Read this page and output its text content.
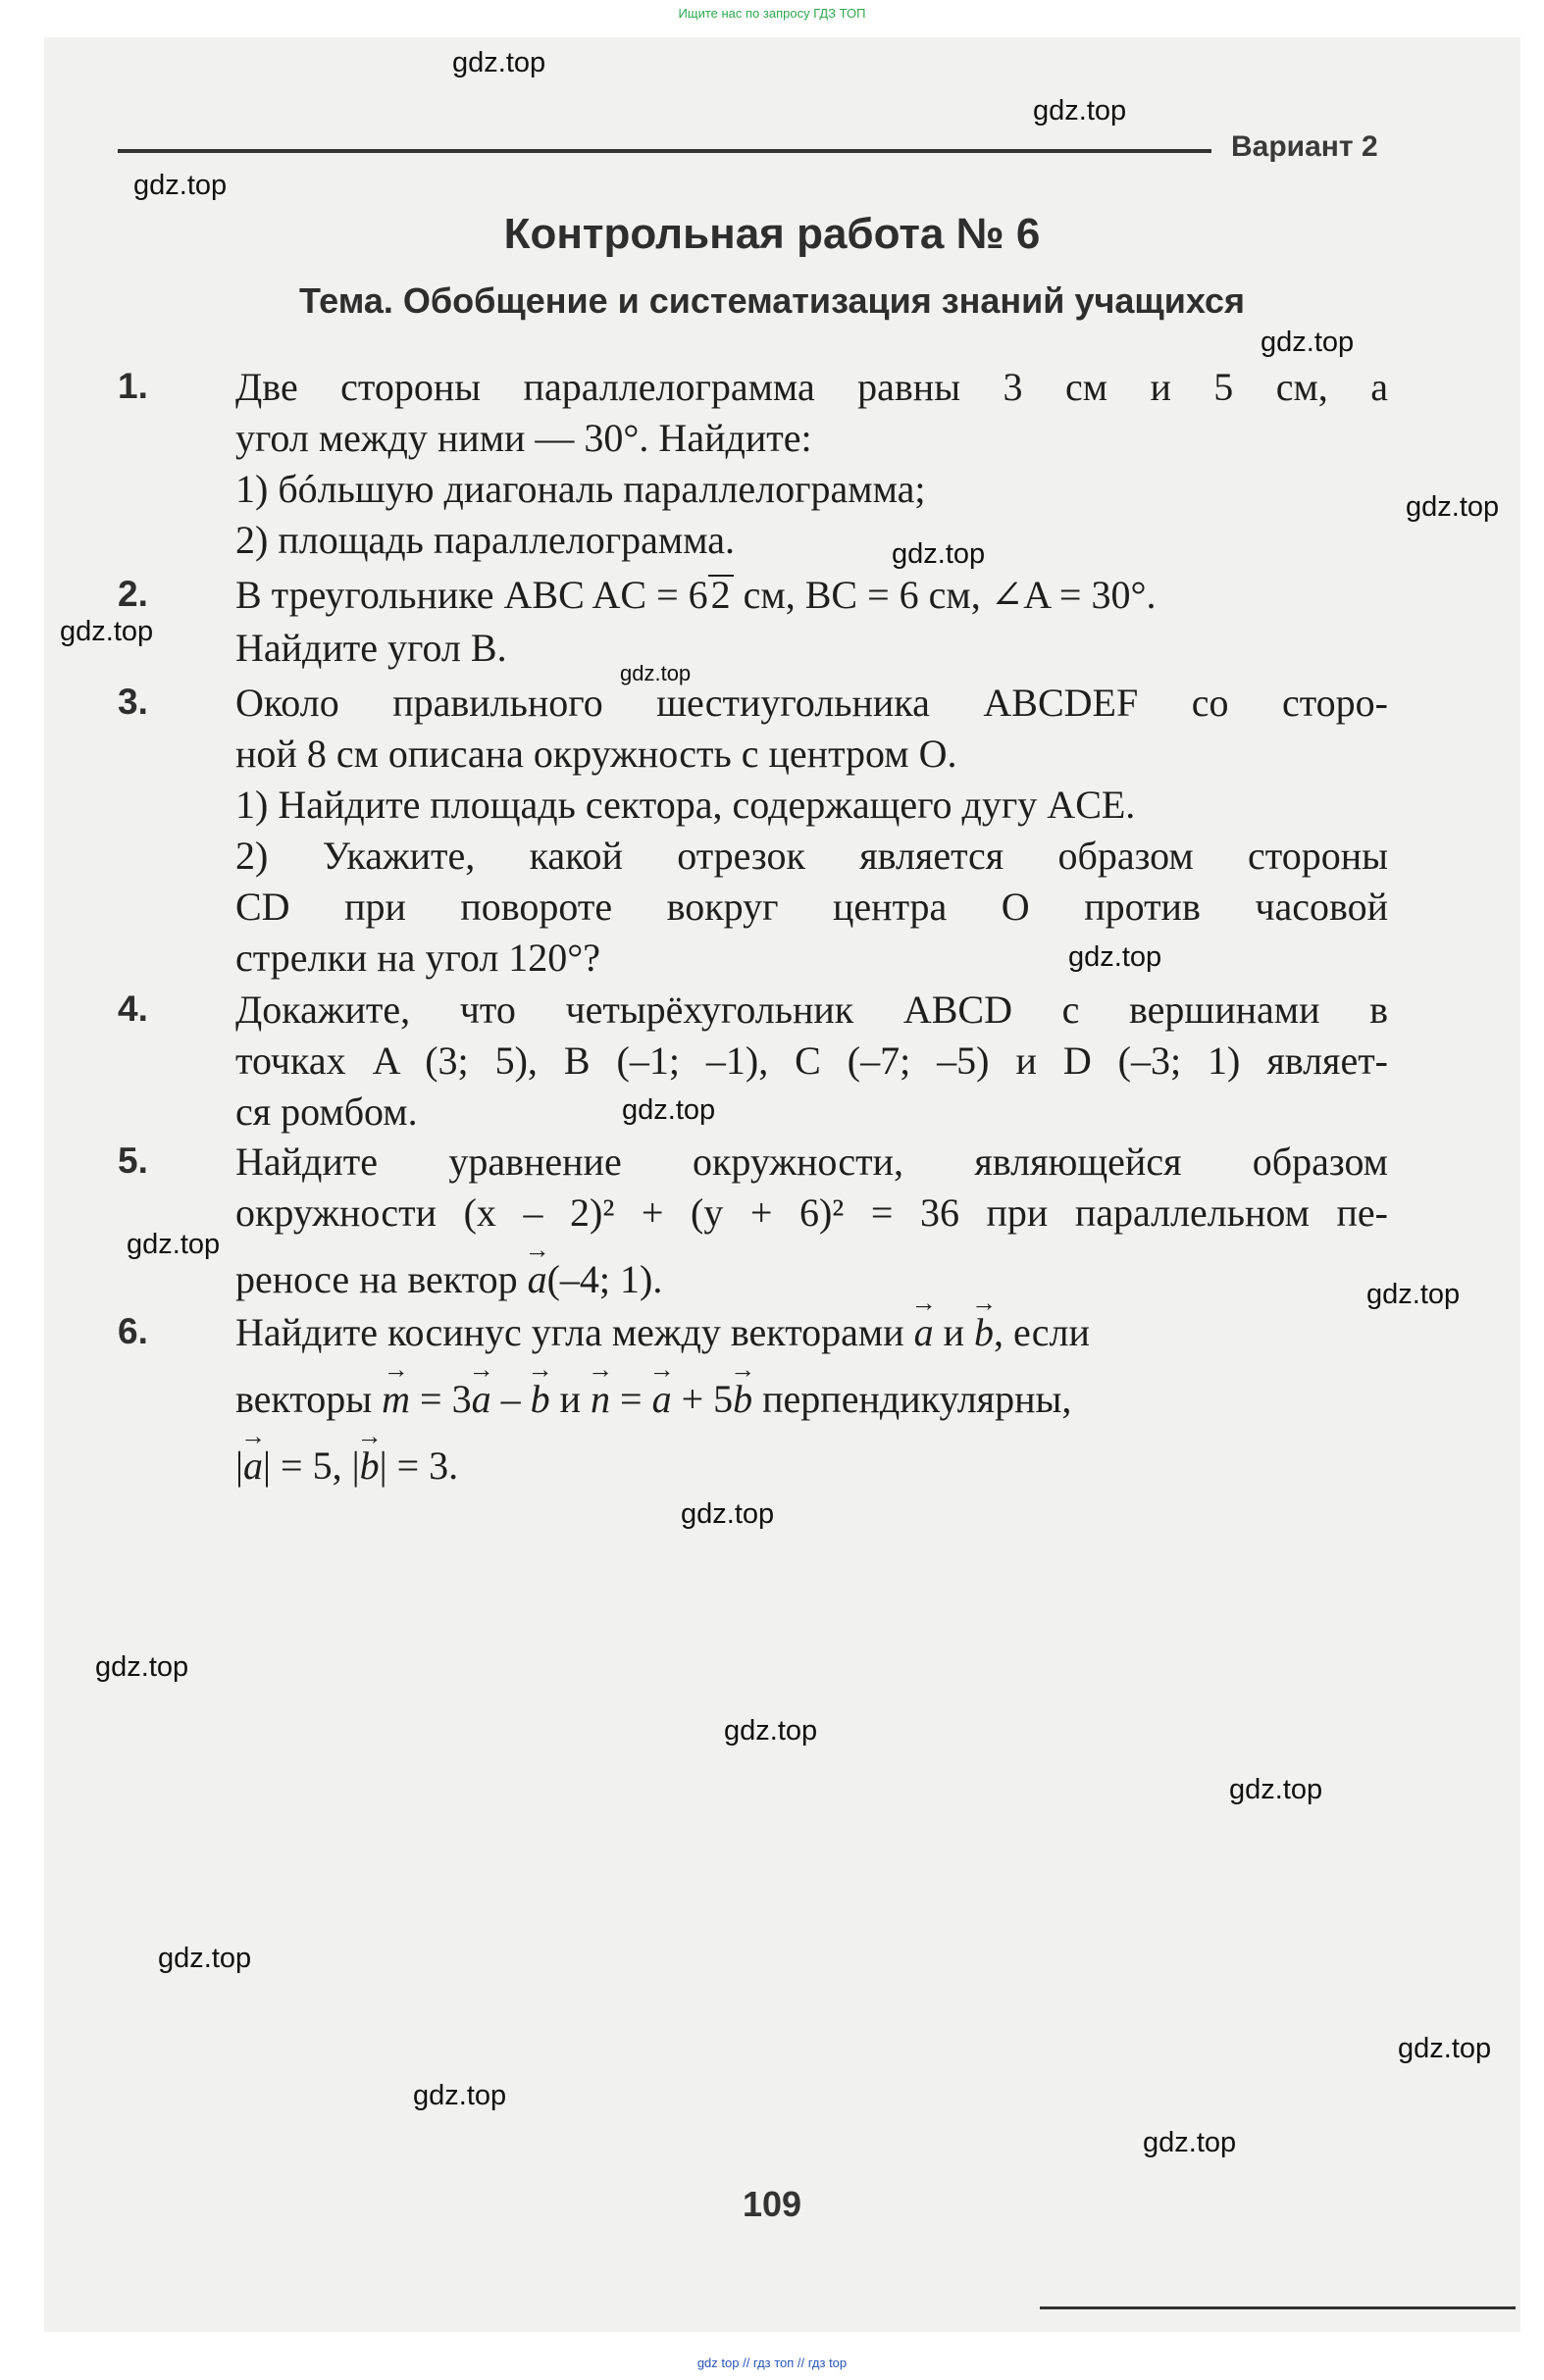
Ищите нас по запросу ГДЗ ТОП
Вариант 2
Контрольная работа № 6
Тема. Обобщение и систематизация знаний учащихся
1. Две стороны параллелограмма равны 3 см и 5 см, а
угол между ними — 30°. Найдите:
1) бóльшую диагональ параллелограмма;
2) площадь параллелограмма.
2. В треугольнике ABC AC = 62 см, BC = 6 см, ∠A = 30°.
Найдите угол B.
3. Около правильного шестиугольника ABCDEF со сторо-
ной 8 см описана окружность с центром O.
1) Найдите площадь сектора, содержащего дугу ACE.
2) Укажите, какой отрезок является образом стороны
CD при повороте вокруг центра O против часовой
стрелки на угол 120°?
4. Докажите, что четырёхугольник ABCD с вершинами в
точках A (3; 5), B (–1; –1), C (–7; –5) и D (–3; 1) являет-
ся ромбом.
5. Найдите уравнение окружности, являющейся образом
окружности (x – 2)² + (y + 6)² = 36 при параллельном пе-
реносе на вектор → a(–4; 1).
6. Найдите косинус угла между векторами → a и → b, если
векторы → m = 3→ a – → b и → n = → a + 5→ b перпендикулярны,
|→ a| = 5, |→ b| = 3.
gdz.top
gdz.top
gdz.top
gdz.top
gdz.top
gdz.top
gdz.top
gdz.top
gdz.top
gdz.top
gdz.top
gdz.top
gdz.top
gdz.top
gdz.top
gdz.top
gdz.top
gdz.top
gdz.top
gdz.top
109
gdz top // гдз топ // гдз top
